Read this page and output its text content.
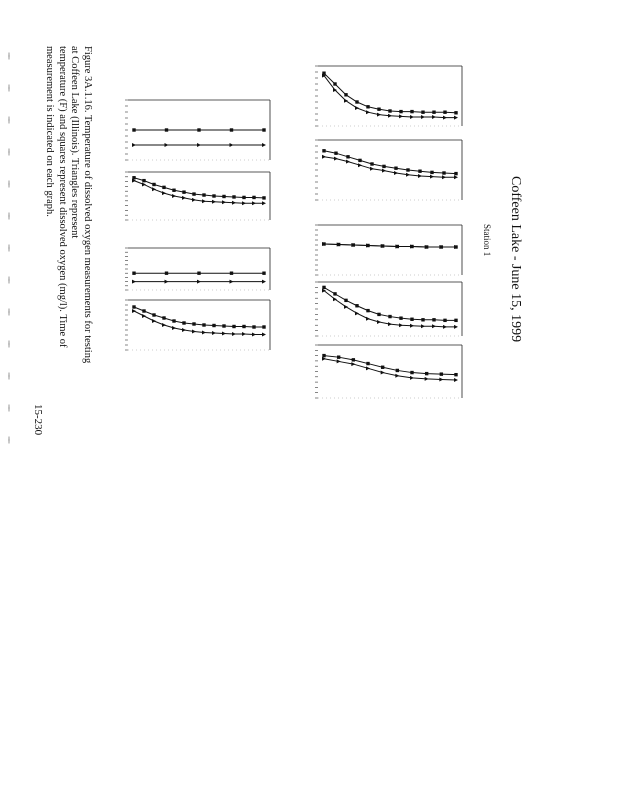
Coffeen Lake - June 15, 1999
Station 1

Figure 3A.1.16. Temperature of dissolved oxygen measurements for testing at Coffeen Lake (Illinois). Triangles represent

temperature (F) and squares represent dissolved oxygen (mg/l). Time of measurement is indicated on each graph.

15-230
